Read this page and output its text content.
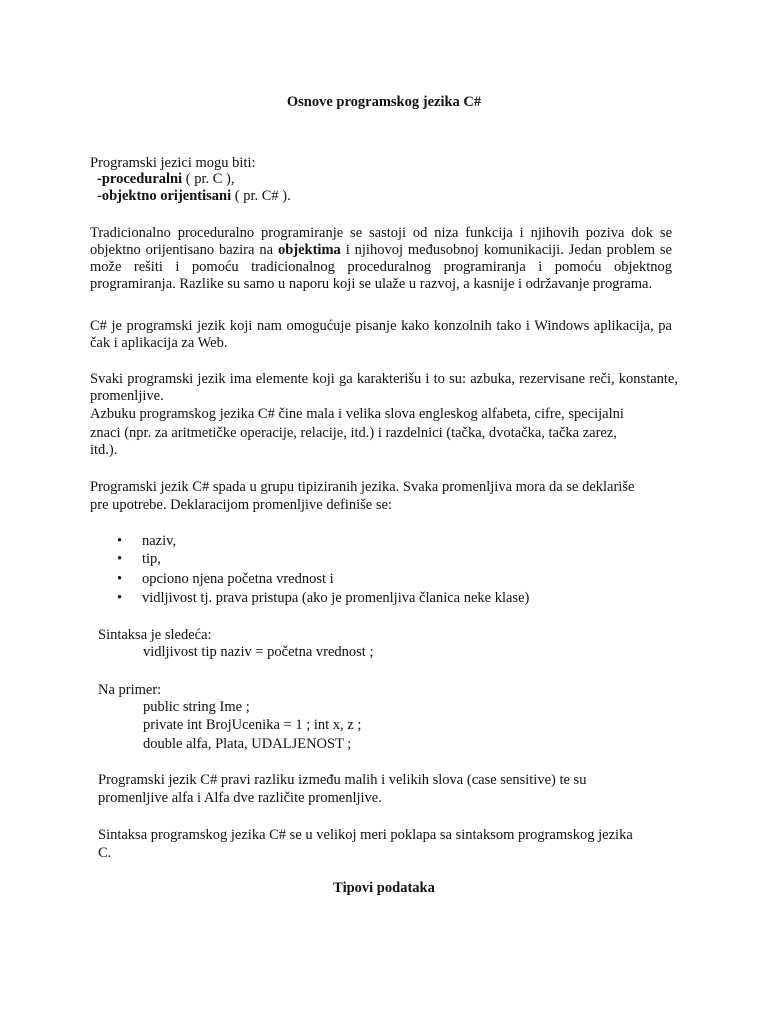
Osnove programskog jezika C#
Programski jezici mogu biti:
-proceduralni ( pr. C ),
-objektno orijentisani ( pr. C# ).
Tradicionalno proceduralno programiranje se sastoji od niza funkcija i njihovih poziva dok se objektno orijentisano bazira na objektima i njihovoj međusobnoj komunikaciji. Jedan problem se može rešiti i pomoću tradicionalnog proceduralnog programiranja i pomoću objektnog programiranja. Razlike su samo u naporu koji se ulaže u razvoj, a kasnije i održavanje programa.
C# je programski jezik koji nam omogućuje pisanje kako konzolnih tako i Windows aplikacija, pa čak i aplikacija za Web.
Svaki programski jezik ima elemente koji ga karakterišu i to su: azbuka, rezervisane reči, konstante, promenljive.
Azbuku programskog jezika C# čine mala i velika slova engleskog alfabeta, cifre, specijalni
znaci (npr. za aritmetičke operacije, relacije, itd.) i razdelnici (tačka, dvotačka, tačka zarez,
itd.).
Programski jezik C# spada u grupu tipiziranih jezika. Svaka promenljiva mora da se deklariše
pre upotrebe. Deklaracijom promenljive definiše se:
• naziv,
• tip,
• opciono njena početna vrednost i
• vidljivost tj. prava pristupa (ako je promenljiva članica neke klase)
Sintaksa je sledeća:
vidljivost tip naziv = početna vrednost ;
Na primer:
public string Ime ;
private int BrojUcenika = 1 ; int x, z ;
double alfa, Plata, UDALJENOST ;
Programski jezik C# pravi razliku između malih i velikih slova (case sensitive) te su
promenljive alfa i Alfa dve različite promenljive.
Sintaksa programskog jezika C# se u velikoj meri poklapa sa sintaksom programskog jezika
C.
Tipovi podataka
